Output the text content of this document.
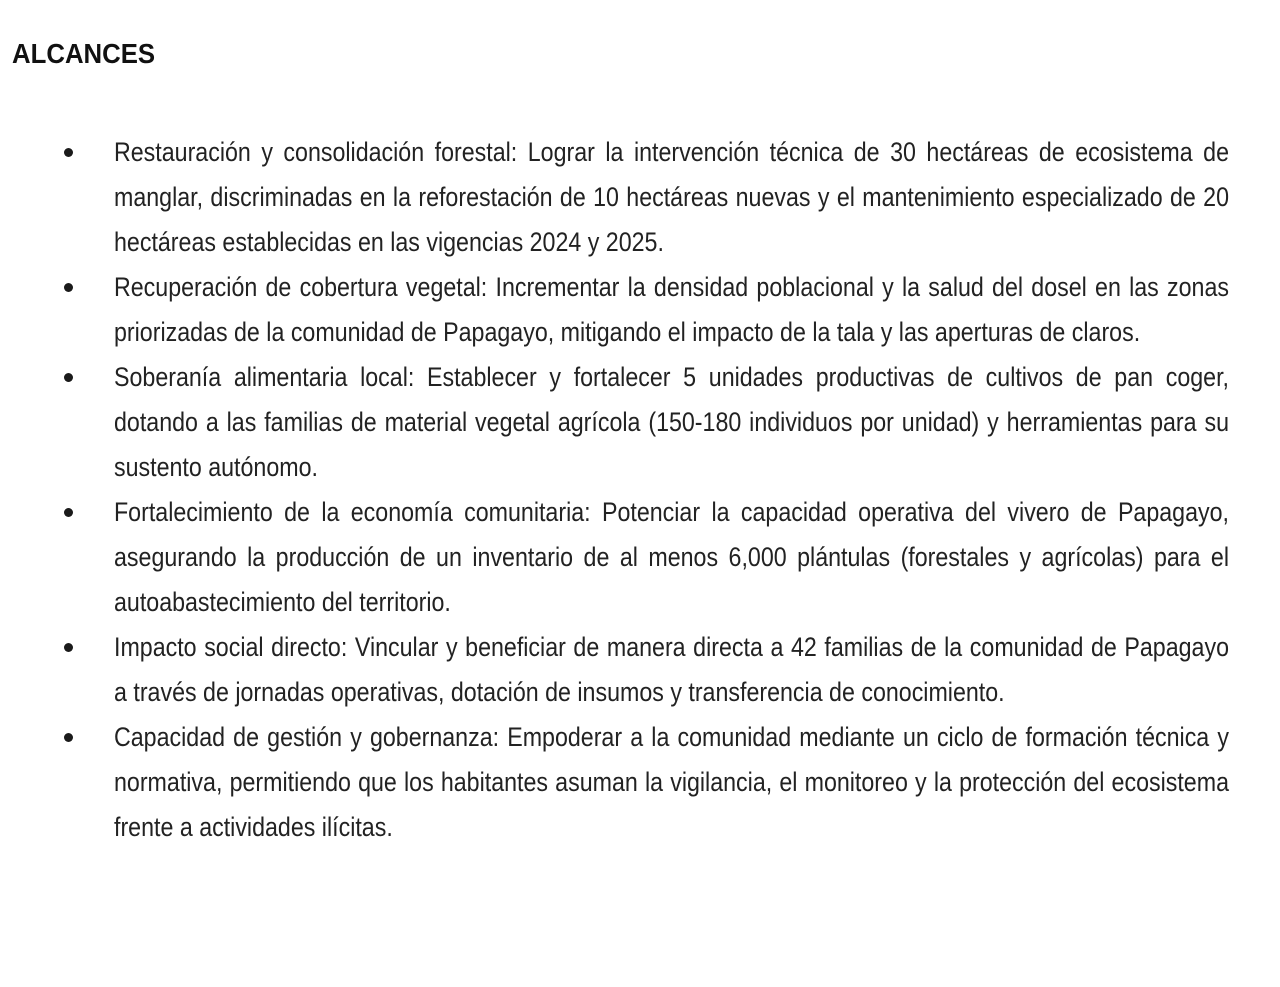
ALCANCES
Restauración y consolidación forestal: Lograr la intervención técnica de 30 hectáreas de ecosistema de manglar, discriminadas en la reforestación de 10 hectáreas nuevas y el mantenimiento especializado de 20 hectáreas establecidas en las vigencias 2024 y 2025.
Recuperación de cobertura vegetal: Incrementar la densidad poblacional y la salud del dosel en las zonas priorizadas de la comunidad de Papagayo, mitigando el impacto de la tala y las aperturas de claros.
Soberanía alimentaria local: Establecer y fortalecer 5 unidades productivas de cultivos de pan coger, dotando a las familias de material vegetal agrícola (150-180 individuos por unidad) y herramientas para su sustento autónomo.
Fortalecimiento de la economía comunitaria: Potenciar la capacidad operativa del vivero de Papagayo, asegurando la producción de un inventario de al menos 6,000 plántulas (forestales y agrícolas) para el autoabastecimiento del territorio.
Impacto social directo: Vincular y beneficiar de manera directa a 42 familias de la comunidad de Papagayo a través de jornadas operativas, dotación de insumos y transferencia de conocimiento.
Capacidad de gestión y gobernanza: Empoderar a la comunidad mediante un ciclo de formación técnica y normativa, permitiendo que los habitantes asuman la vigilancia, el monitoreo y la protección del ecosistema frente a actividades ilícitas.
